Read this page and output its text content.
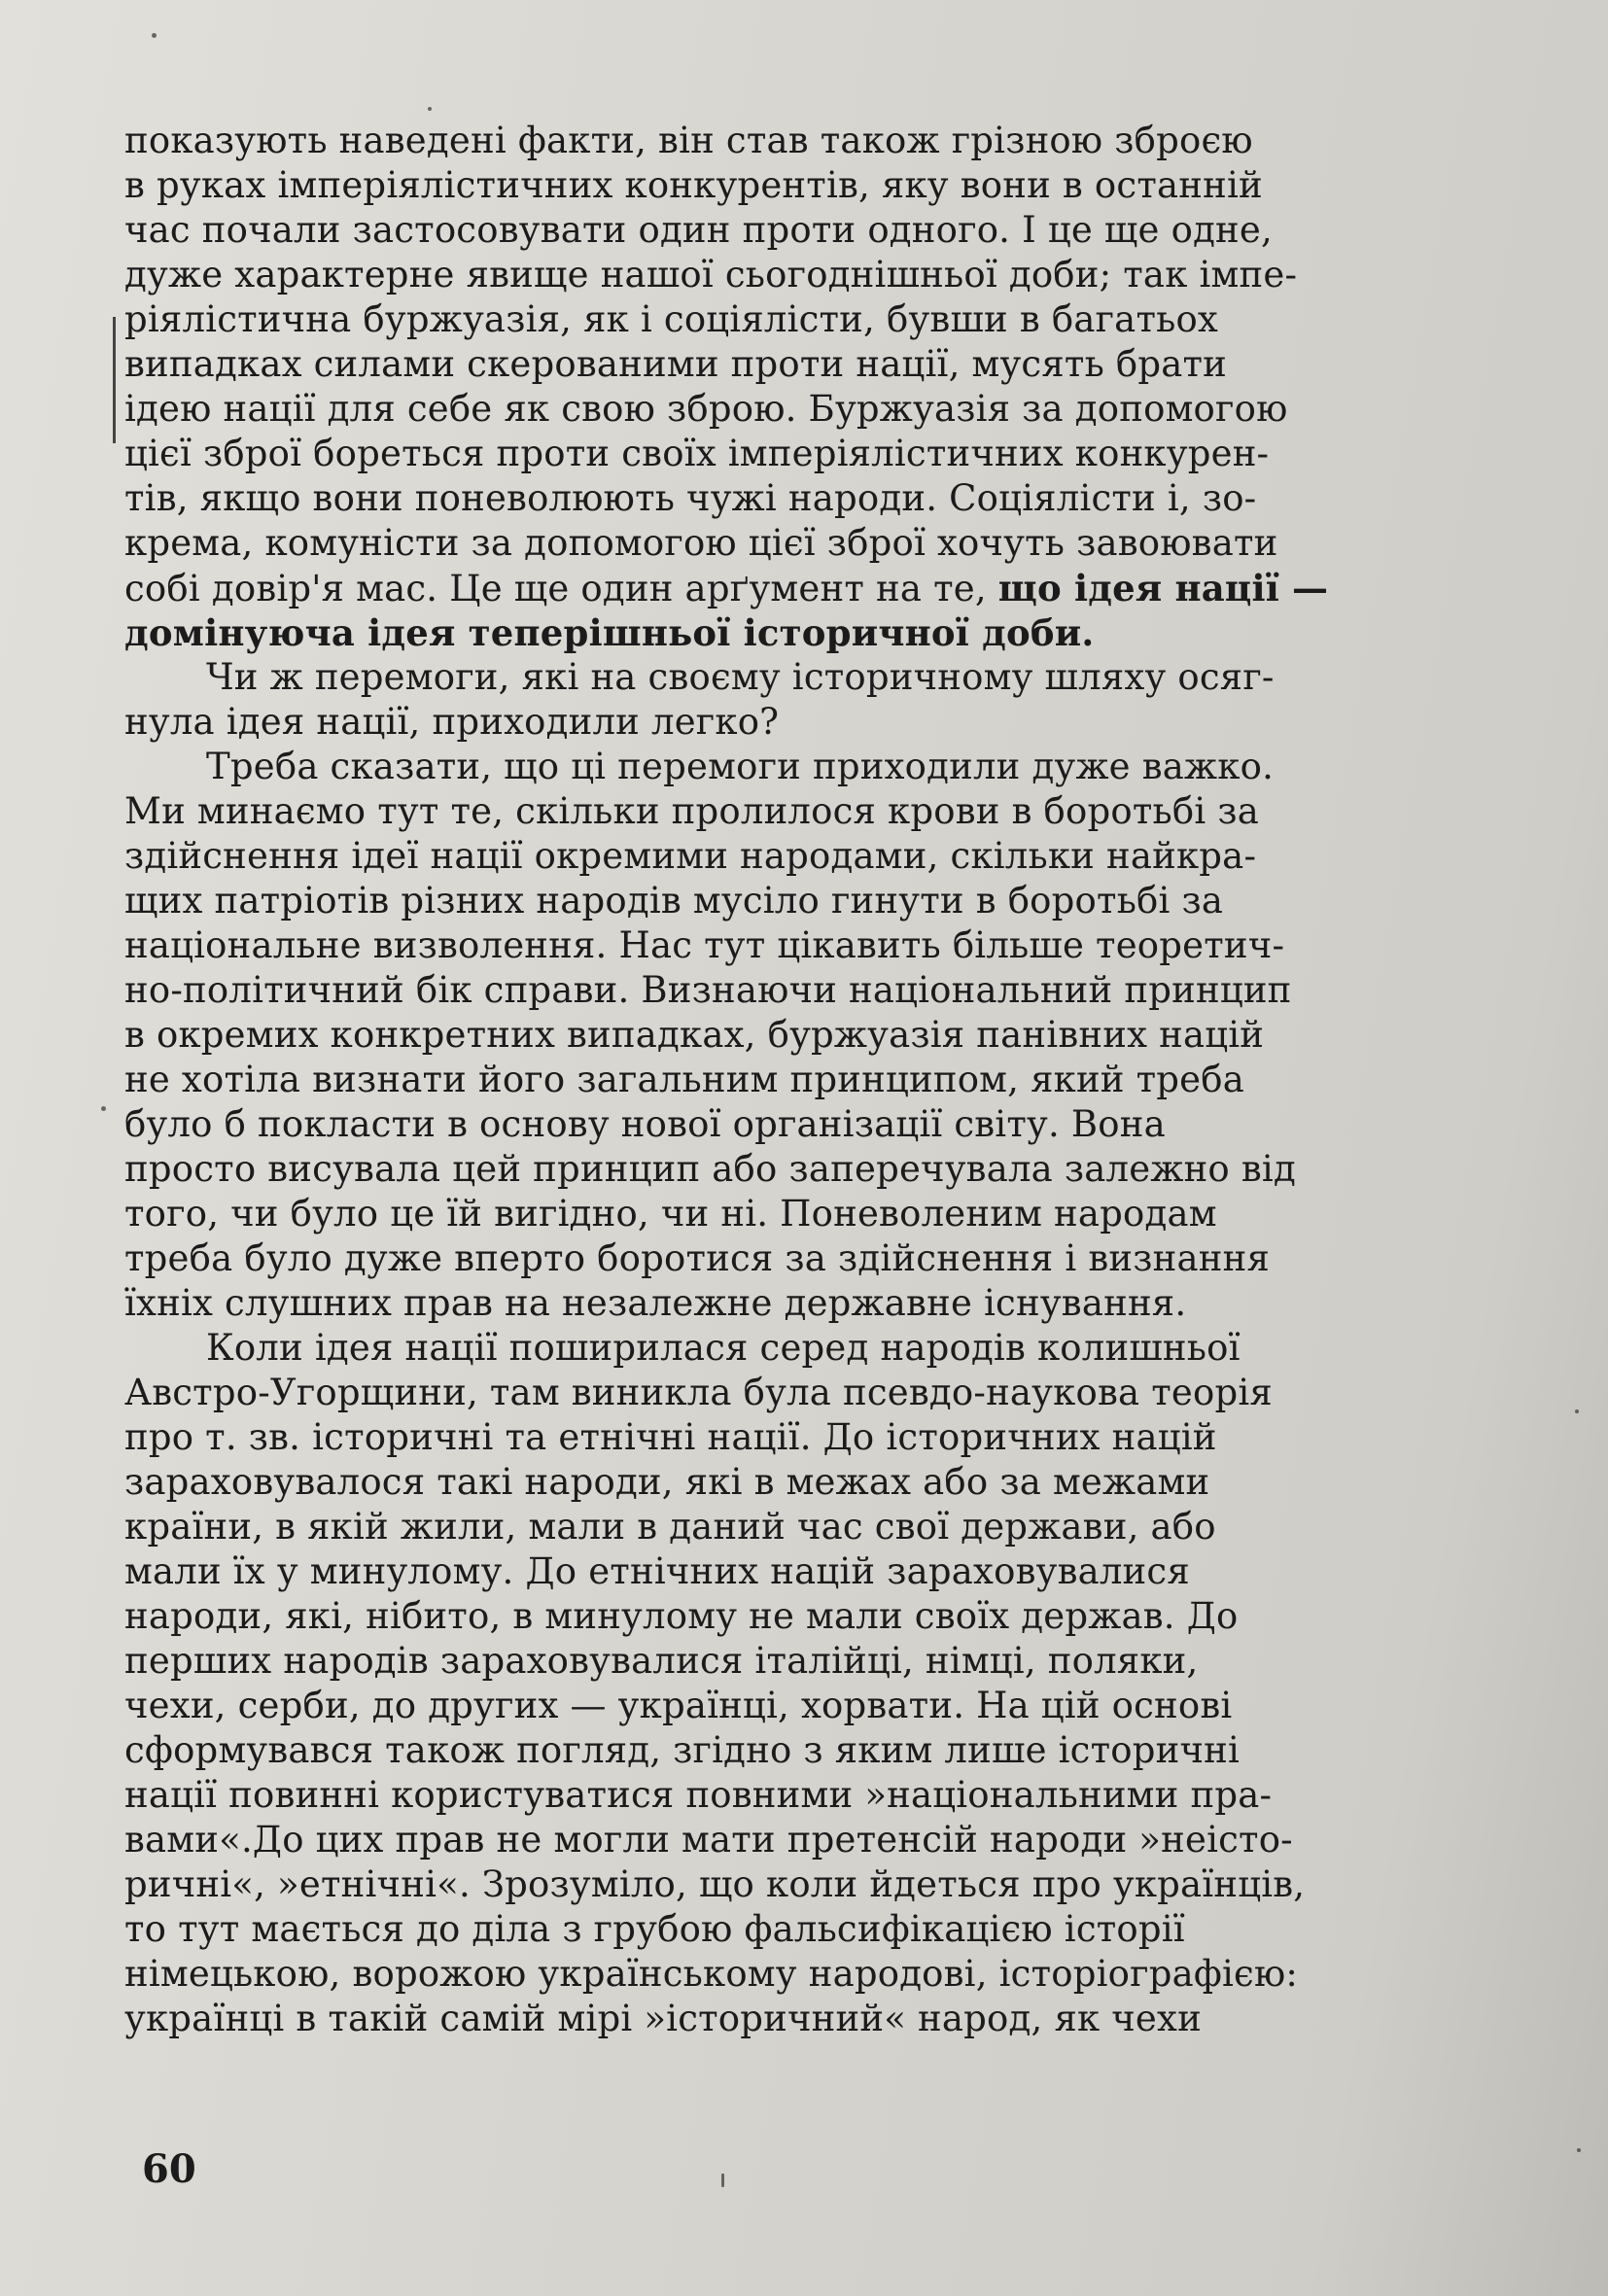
показують наведені факти, він став також грізною зброєю
в руках імперіялістичних конкурентів, яку вони в останній
час почали застосовувати один проти одного. І це ще одне,
дуже характерне явище нашої сьогоднішньої доби; так імпе-
ріялістична буржуазія, як і соціялісти, бувши в багатьох
випадках силами скерованими проти нації, мусять брати
ідею нації для себе як свою зброю. Буржуазія за допомогою
цієї зброї бореться проти своїх імперіялістичних конкурен-
тів, якщо вони поневолюють чужі народи. Соціялісти і, зо-
крема, комуністи за допомогою цієї зброї хочуть завоювати
собі довір'я мас. Це ще один арґумент на те, що ідея нації —
домінуюча ідея теперішньої історичної доби.
Чи ж перемоги, які на своєму історичному шляху осяг-
нула ідея нації, приходили легко?
Треба сказати, що ці перемоги приходили дуже важко.
Ми минаємо тут те, скільки пролилося крови в боротьбі за
здійснення ідеї нації окремими народами, скільки найкра-
щих патріотів різних народів мусіло гинути в боротьбі за
національне визволення. Нас тут цікавить більше теоретич-
но-політичний бік справи. Визнаючи національний принцип
в окремих конкретних випадках, буржуазія панівних націй
не хотіла визнати його загальним принципом, який треба
було б покласти в основу нової організації світу. Вона
просто висувала цей принцип або заперечувала залежно від
того, чи було це їй вигідно, чи ні. Поневоленим народам
треба було дуже вперто боротися за здійснення і визнання
їхніх слушних прав на незалежне державне існування.
Коли ідея нації поширилася серед народів колишньої
Австро-Угорщини, там виникла була псевдо-наукова теорія
про т. зв. історичні та етнічні нації. До історичних націй
зараховувалося такі народи, які в межах або за межами
країни, в якій жили, мали в даний час свої держави, або
мали їх у минулому. До етнічних націй зараховувалися
народи, які, нібито, в минулому не мали своїх держав. До
перших народів зараховувалися італійці, німці, поляки,
чехи, серби, до других — українці, хорвати. На цій основі
сформувався також погляд, згідно з яким лише історичні
нації повинні користуватися повними »національними пра-
вами«.До цих прав не могли мати претенсій народи »неісто-
ричні«, »етнічні«. Зрозуміло, що коли йдеться про українців,
то тут мається до діла з грубою фальсифікацією історії
німецькою, ворожою українському народові, історіографією:
українці в такій самій мірі »історичний« народ, як чехи
60
